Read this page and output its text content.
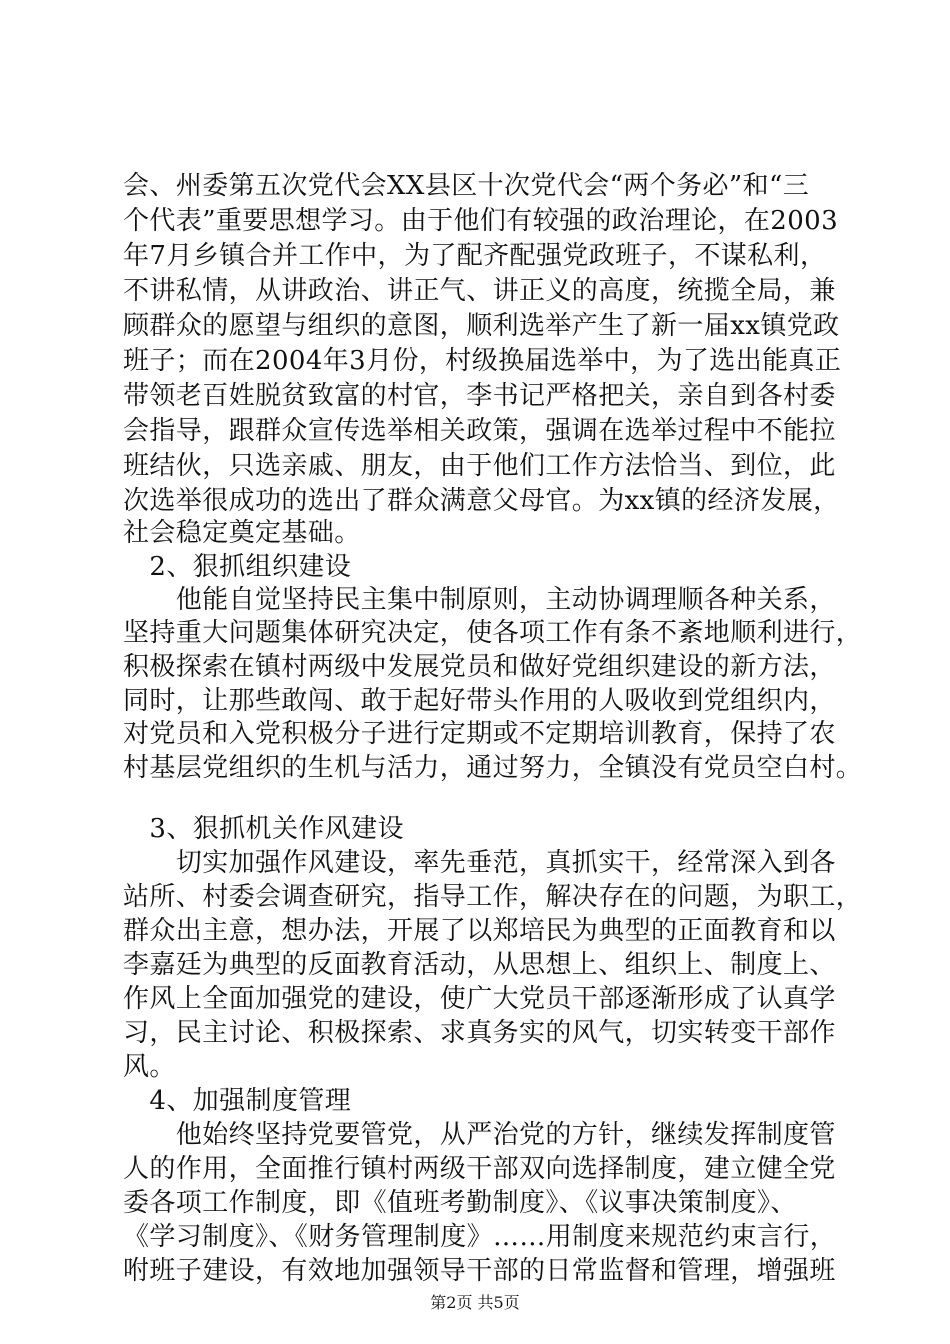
会、州委第五次党代会XX县区十次党代会“两个务必”和“三
个代表”重要思想学习。由于他们有较强的政治理论，在2003
年7月乡镇合并工作中，为了配齐配强党政班子，不谋私利，
不讲私情，从讲政治、讲正气、讲正义的高度，统揽全局，兼
顾群众的愿望与组织的意图，顺利选举产生了新一届xx镇党政
班子；而在2004年3月份，村级换届选举中，为了选出能真正
带领老百姓脱贫致富的村官，李书记严格把关，亲自到各村委
会指导，跟群众宣传选举相关政策，强调在选举过程中不能拉
班结伙，只选亲戚、朋友，由于他们工作方法恰当、到位，此
次选举很成功的选出了群众满意父母官。为xx镇的经济发展，
社会稳定奠定基础。
　2、狠抓组织建设
　　他能自觉坚持民主集中制原则，主动协调理顺各种关系，
坚持重大问题集体研究决定，使各项工作有条不紊地顺利进行，
积极探索在镇村两级中发展党员和做好党组织建设的新方法，
同时，让那些敢闯、敢于起好带头作用的人吸收到党组织内，
对党员和入党积极分子进行定期或不定期培训教育，保持了农
村基层党组织的生机与活力，通过努力，全镇没有党员空白村。
　3、狠抓机关作风建设
　　切实加强作风建设，率先垂范，真抓实干，经常深入到各
站所、村委会调查研究，指导工作，解决存在的问题，为职工，
群众出主意，想办法，开展了以郑培民为典型的正面教育和以
李嘉廷为典型的反面教育活动，从思想上、组织上、制度上、
作风上全面加强党的建设，使广大党员干部逐渐形成了认真学
习，民主讨论、积极探索、求真务实的风气，切实转变干部作
风。
　4、加强制度管理
　　他始终坚持党要管党，从严治党的方针，继续发挥制度管
人的作用，全面推行镇村两级干部双向选择制度，建立健全党
委各项工作制度，即《值班考勤制度》、《议事决策制度》、
《学习制度》、《财务管理制度》……用制度来规范约束言行，
咐班子建设，有效地加强领导干部的日常监督和管理，增强班
第2页 共5页
